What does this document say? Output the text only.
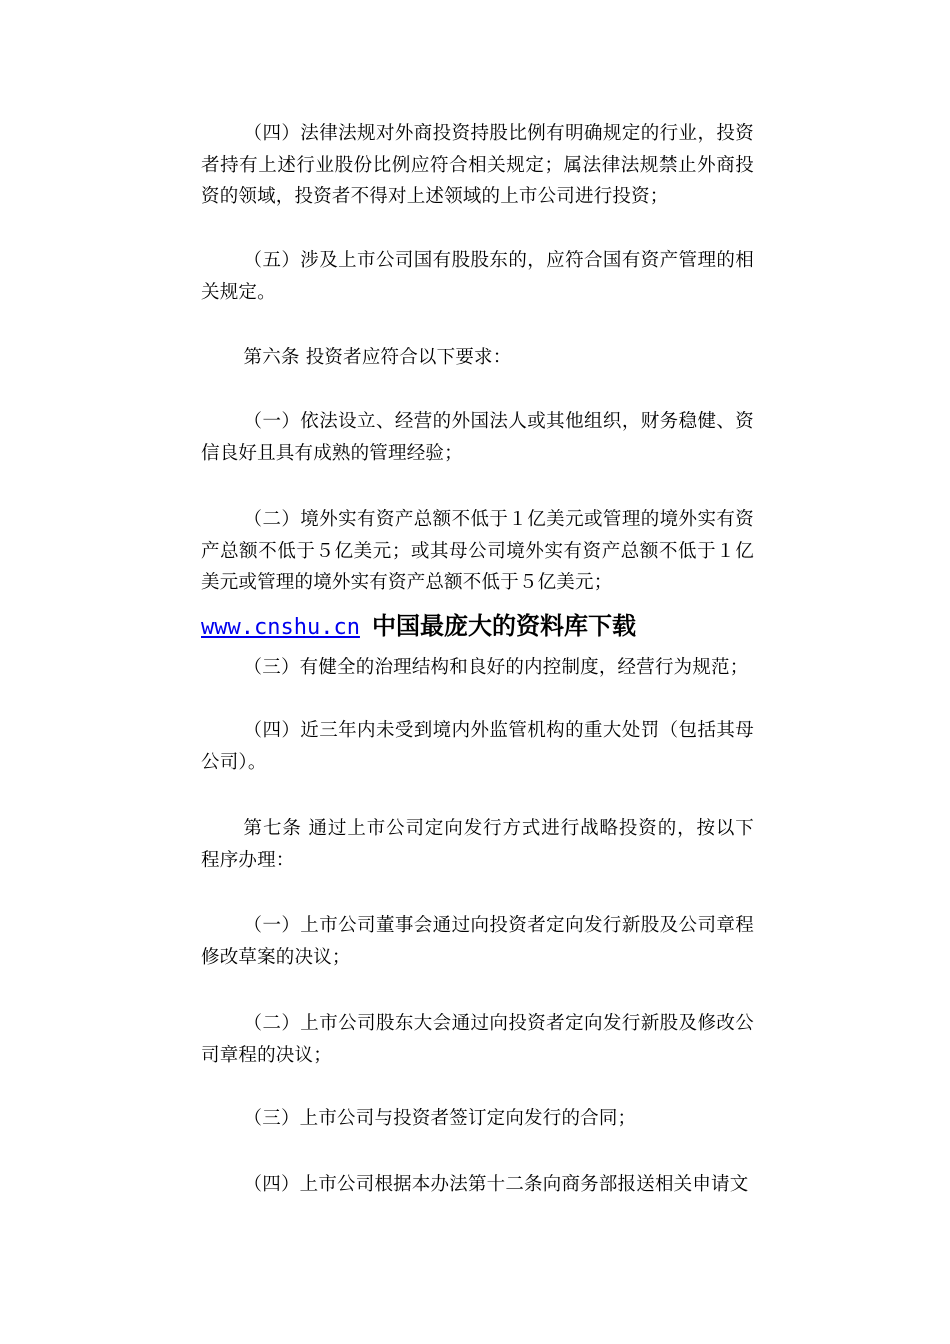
（四）法律法规对外商投资持股比例有明确规定的行业，投资者持有上述行业股份比例应符合相关规定；属法律法规禁止外商投资的领域，投资者不得对上述领域的上市公司进行投资；

（五）涉及上市公司国有股股东的，应符合国有资产管理的相关规定。

第六条 投资者应符合以下要求：

（一）依法设立、经营的外国法人或其他组织，财务稳健、资信良好且具有成熟的管理经验；

（二）境外实有资产总额不低于１亿美元或管理的境外实有资产总额不低于５亿美元；或其母公司境外实有资产总额不低于１亿美元或管理的境外实有资产总额不低于５亿美元；

www.cnshu.cn 中国最庞大的资料库下载

（三）有健全的治理结构和良好的内控制度，经营行为规范；

（四）近三年内未受到境内外监管机构的重大处罚（包括其母公司）。

第七条 通过上市公司定向发行方式进行战略投资的，按以下程序办理：

（一）上市公司董事会通过向投资者定向发行新股及公司章程修改草案的决议；

（二）上市公司股东大会通过向投资者定向发行新股及修改公司章程的决议；

（三）上市公司与投资者签订定向发行的合同；

（四）上市公司根据本办法第十二条向商务部报送相关申请文
